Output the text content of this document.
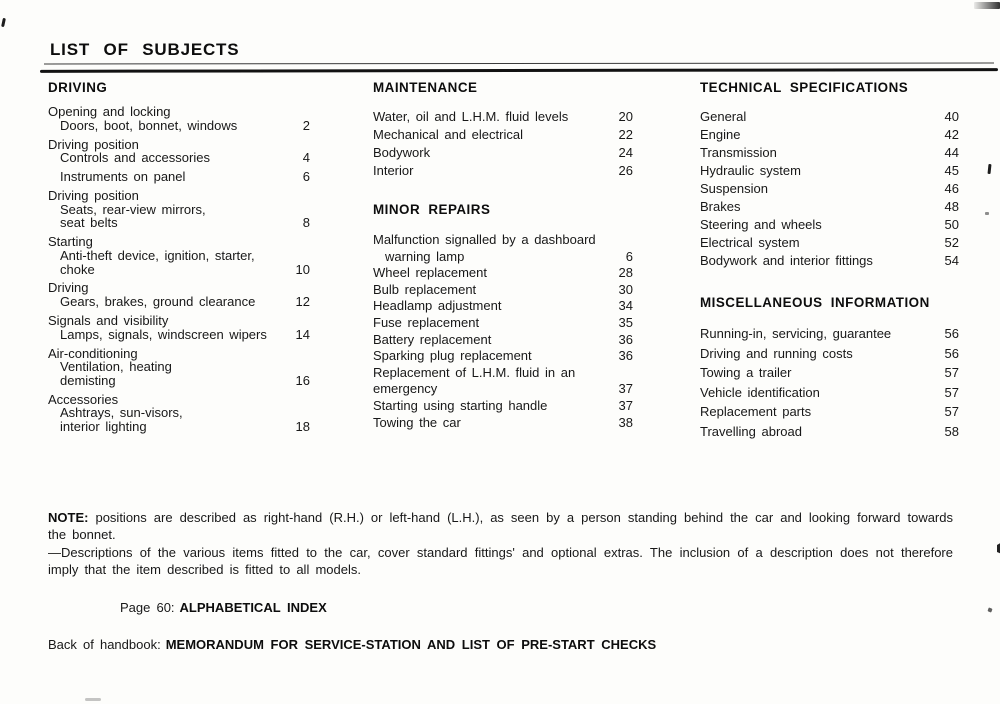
LIST OF SUBJECTS
DRIVING
Opening and locking
Doors, boot, bonnet, windows	2
Driving position
Controls and accessories	4
Instruments on panel	6
Driving position
Seats, rear-view mirrors,
seat belts	8
Starting
Anti-theft device, ignition, starter,
choke	10
Driving
Gears, brakes, ground clearance	12
Signals and visibility
Lamps, signals, windscreen wipers	14
Air-conditioning
Ventilation, heating
demisting	16
Accessories
Ashtrays, sun-visors,
interior lighting	18
MAINTENANCE
Water, oil and L.H.M. fluid levels	20
Mechanical and electrical	22
Bodywork	24
Interior	26
MINOR REPAIRS
Malfunction signalled by a dashboard
warning lamp	6
Wheel replacement	28
Bulb replacement	30
Headlamp adjustment	34
Fuse replacement	35
Battery replacement	36
Sparking plug replacement	36
Replacement of L.H.M. fluid in an
emergency	37
Starting using starting handle	37
Towing the car	38
TECHNICAL SPECIFICATIONS
General	40
Engine	42
Transmission	44
Hydraulic system	45
Suspension	46
Brakes	48
Steering and wheels	50
Electrical system	52
Bodywork and interior fittings	54
MISCELLANEOUS INFORMATION
Running-in, servicing, guarantee	56
Driving and running costs	56
Towing a trailer	57
Vehicle identification	57
Replacement parts	57
Travelling abroad	58

NOTE: positions are described as right-hand (R.H.) or left-hand (L.H.), as seen by a person standing behind the car and looking forward towards the bonnet.

—Descriptions of the various items fitted to the car, cover standard fittings' and optional extras. The inclusion of a description does not therefore imply that the item described is fitted to all models.

Page 60: ALPHABETICAL INDEX
Back of handbook: MEMORANDUM FOR SERVICE-STATION AND LIST OF PRE-START CHECKS
